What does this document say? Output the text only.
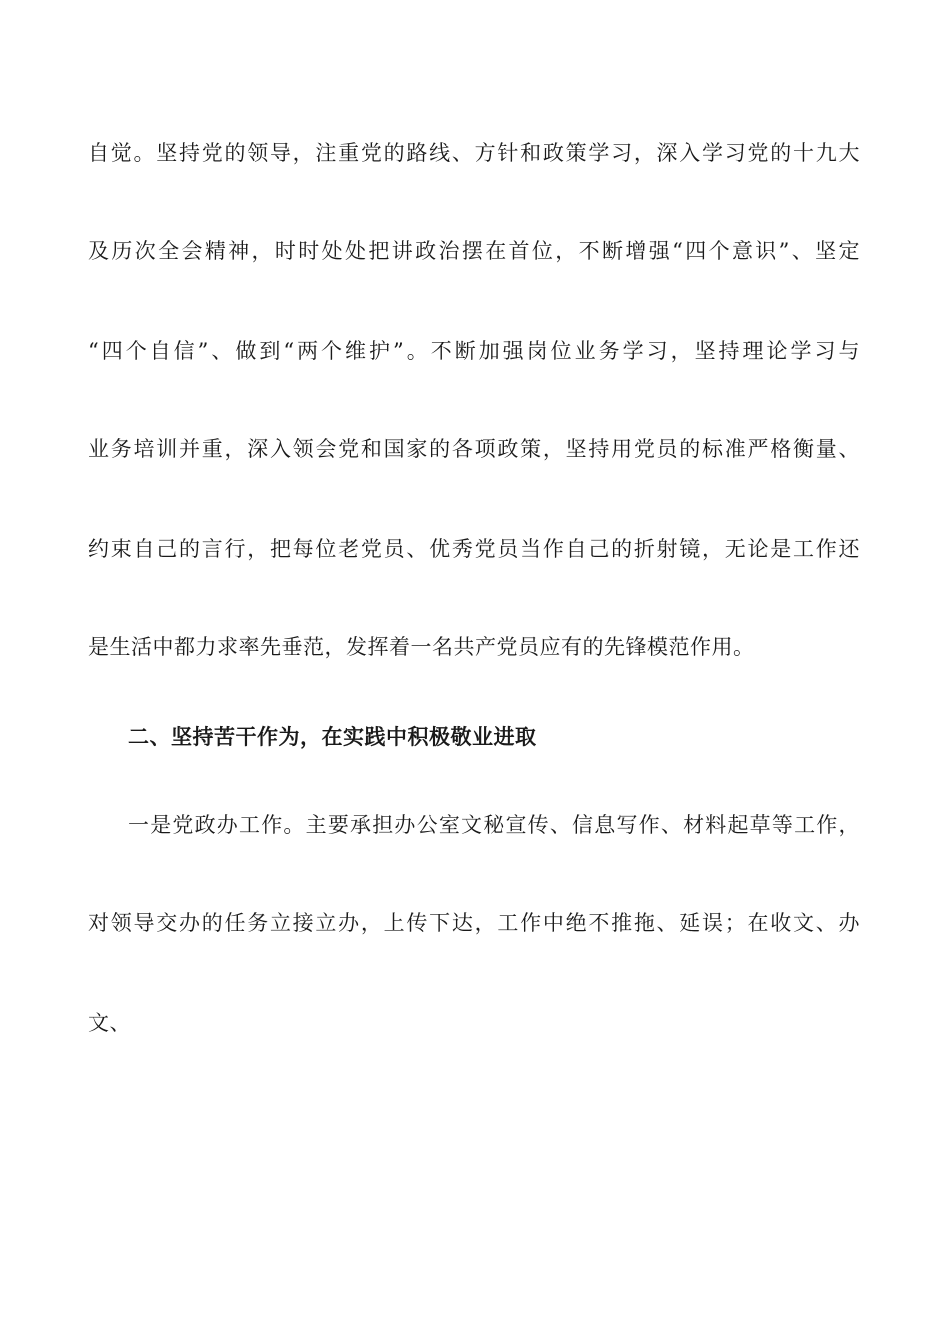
自觉。坚持党的领导，注重党的路线、方针和政策学习，深入学习党的十九大
及历次全会精神，时时处处把讲政治摆在首位，不断增强“四个意识”、坚定
“四个自信”、做到“两个维护”。不断加强岗位业务学习，坚持理论学习与
业务培训并重，深入领会党和国家的各项政策，坚持用党员的标准严格衡量、
约束自己的言行，把每位老党员、优秀党员当作自己的折射镜，无论是工作还
是生活中都力求率先垂范，发挥着一名共产党员应有的先锋模范作用。
二、坚持苦干作为，在实践中积极敬业进取
一是党政办工作。主要承担办公室文秘宣传、信息写作、材料起草等工作，
对领导交办的任务立接立办，上传下达，工作中绝不推拖、延误；在收文、办
文、
